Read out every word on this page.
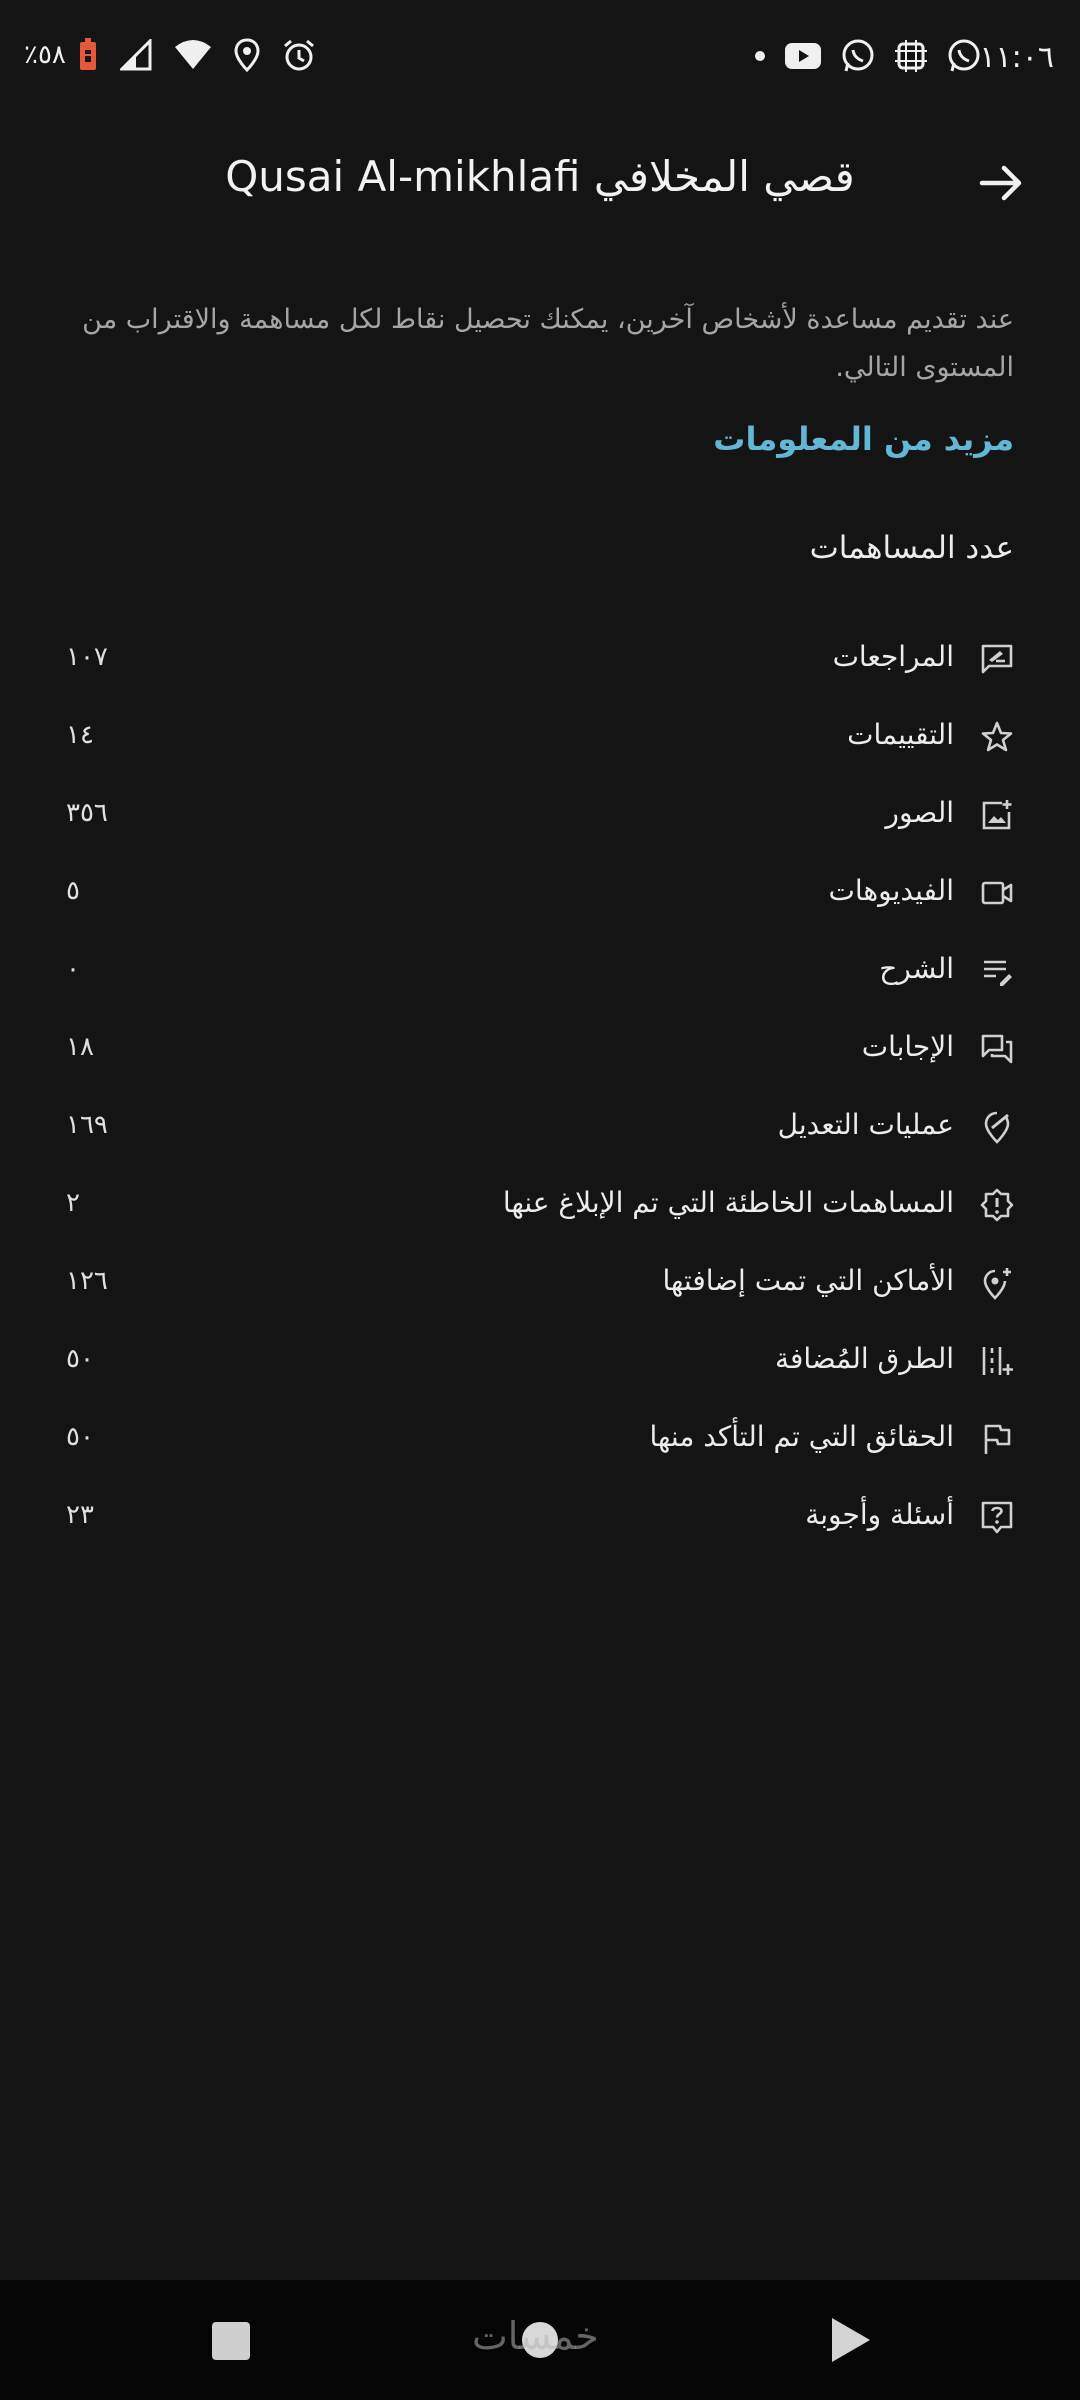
٪٥٨	١١:٠٦
قصي المخلافي Qusai Al-mikhlafi
عند تقديم مساعدة لأشخاص آخرين، يمكنك تحصيل نقاط لكل مساهمة والاقتراب من المستوى التالي.
مزيد من المعلومات
عدد المساهمات
المراجعات
١٠٧
التقييمات
١٤
الصور
٣٥٦
الفيديوهات
٥
الشرح
٠
الإجابات
١٨
عمليات التعديل
١٦٩
المساهمات الخاطئة التي تم الإبلاغ عنها
٢
الأماكن التي تمت إضافتها
١٢٦
الطرق المُضافة
٥٠
الحقائق التي تم التأكد منها
٥٠
أسئلة وأجوبة
٢٣
خمسات
